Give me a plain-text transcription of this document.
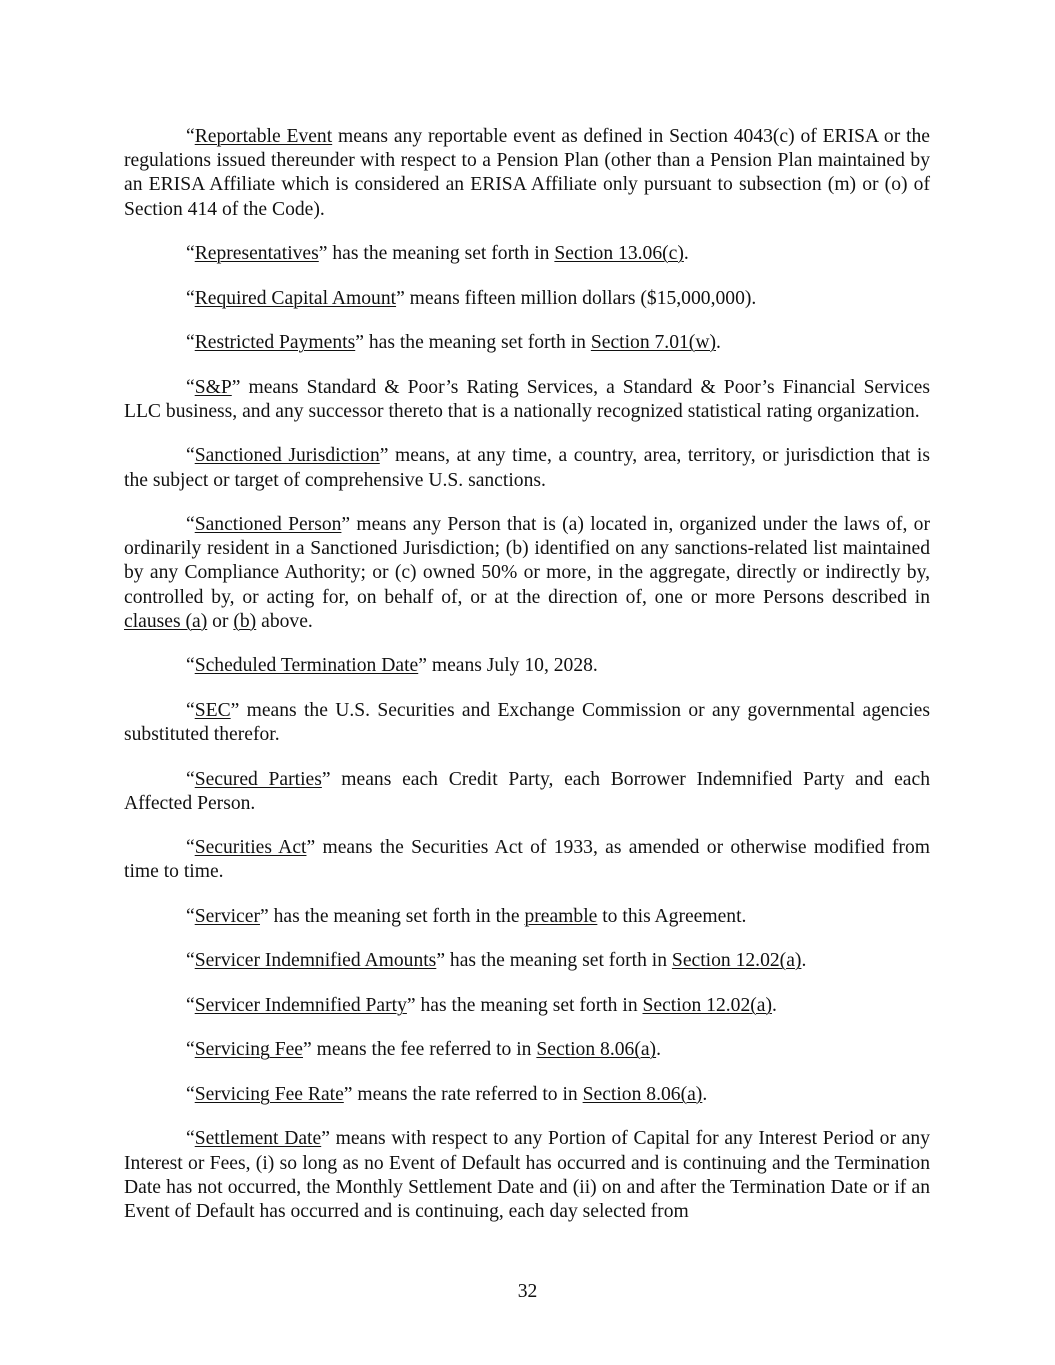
“Reportable Event means any reportable event as defined in Section 4043(c) of ERISA or the regulations issued thereunder with respect to a Pension Plan (other than a Pension Plan maintained by an ERISA Affiliate which is considered an ERISA Affiliate only pursuant to subsection (m) or (o) of Section 414 of the Code).

“Representatives” has the meaning set forth in Section 13.06(c).

“Required Capital Amount” means fifteen million dollars ($15,000,000).

“Restricted Payments” has the meaning set forth in Section 7.01(w).

“S&P” means Standard & Poor’s Rating Services, a Standard & Poor’s Financial Services LLC business, and any successor thereto that is a nationally recognized statistical rating organization.

“Sanctioned Jurisdiction” means, at any time, a country, area, territory, or jurisdiction that is the subject or target of comprehensive U.S. sanctions.

“Sanctioned Person” means any Person that is (a) located in, organized under the laws of, or ordinarily resident in a Sanctioned Jurisdiction; (b) identified on any sanctions-related list maintained by any Compliance Authority; or (c) owned 50% or more, in the aggregate, directly or indirectly by, controlled by, or acting for, on behalf of, or at the direction of, one or more Persons described in clauses (a) or (b) above.

“Scheduled Termination Date” means July 10, 2028.

“SEC” means the U.S. Securities and Exchange Commission or any governmental agencies substituted therefor.

“Secured Parties” means each Credit Party, each Borrower Indemnified Party and each Affected Person.

“Securities Act” means the Securities Act of 1933, as amended or otherwise modified from time to time.

“Servicer” has the meaning set forth in the preamble to this Agreement.

“Servicer Indemnified Amounts” has the meaning set forth in Section 12.02(a).

“Servicer Indemnified Party” has the meaning set forth in Section 12.02(a).

“Servicing Fee” means the fee referred to in Section 8.06(a).

“Servicing Fee Rate” means the rate referred to in Section 8.06(a).

“Settlement Date” means with respect to any Portion of Capital for any Interest Period or any Interest or Fees, (i) so long as no Event of Default has occurred and is continuing and the Termination Date has not occurred, the Monthly Settlement Date and (ii) on and after the Termination Date or if an Event of Default has occurred and is continuing, each day selected from

32
